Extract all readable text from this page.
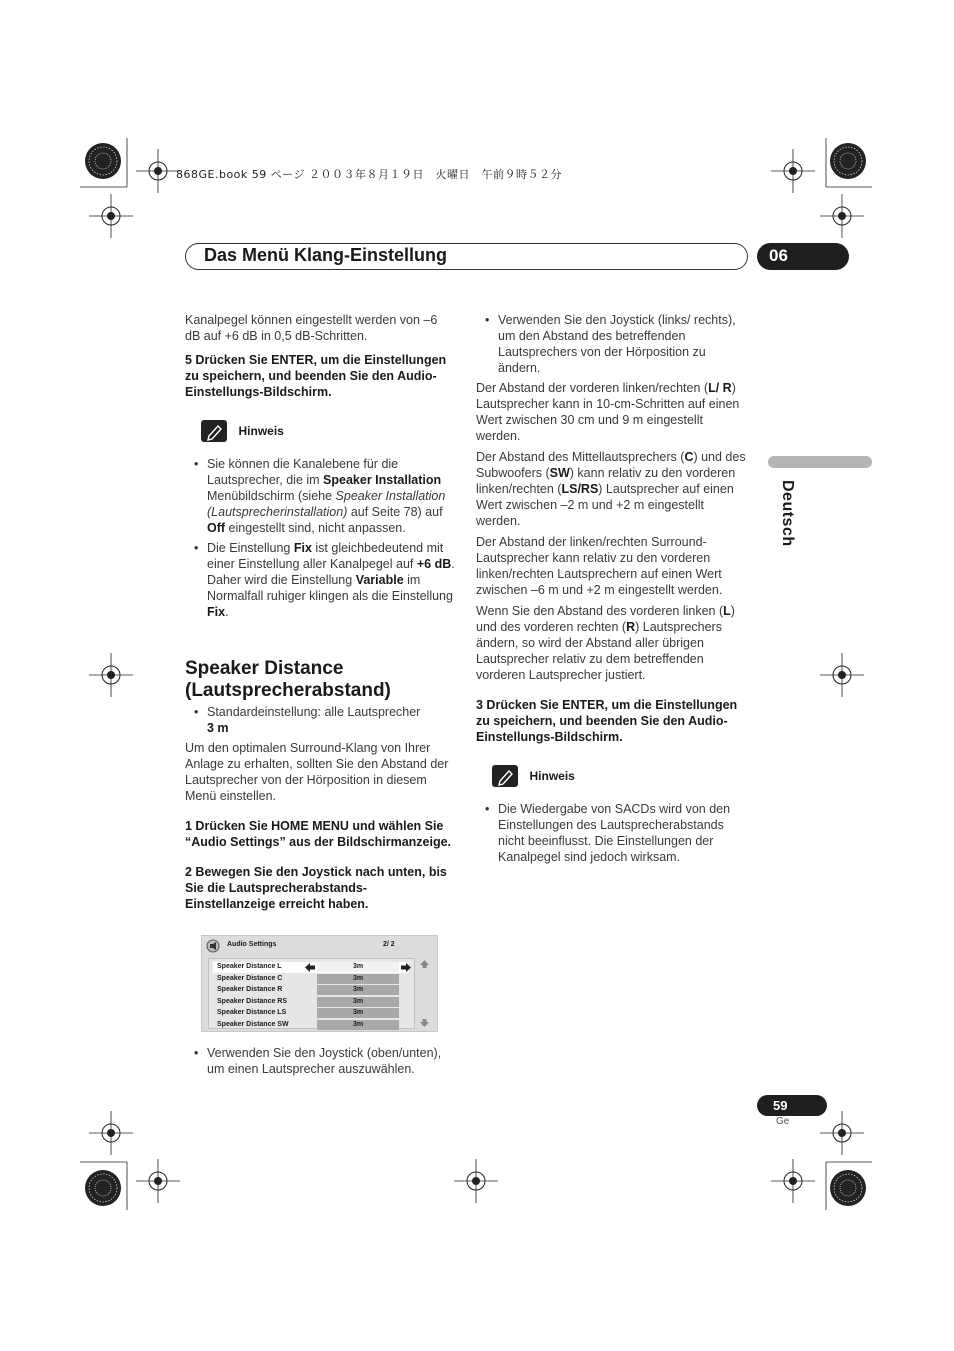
868GE.book 59 ページ ２００３年８月１９日　火曜日　午前９時５２分
Das Menü Klang-Einstellung	06
Deutsch

Kanalpegel können eingestellt werden von –6 dB auf +6 dB in 0,5 dB-Schritten.

5 Drücken Sie ENTER, um die Einstellungen zu speichern, und beenden Sie den Audio-Einstellungs-Bildschirm.

Hinweis
• Sie können die Kanalebene für die Lautsprecher, die im Speaker Installation Menübildschirm (siehe Speaker Installation (Lautsprecherinstallation) auf Seite 78) auf Off eingestellt sind, nicht anpassen.
• Die Einstellung Fix ist gleichbedeutend mit einer Einstellung aller Kanalpegel auf +6 dB. Daher wird die Einstellung Variable im Normalfall ruhiger klingen als die Einstellung Fix.
Speaker Distance
(Lautsprecherabstand)
• Standardeinstellung: alle Lautsprecher
3 m

Um den optimalen Surround-Klang von Ihrer Anlage zu erhalten, sollten Sie den Abstand der Lautsprecher von der Hörposition in diesem Menü einstellen.

1 Drücken Sie HOME MENU und wählen Sie “Audio Settings” aus der Bildschirmanzeige.

2 Bewegen Sie den Joystick nach unten, bis Sie die Lautsprecherabstands-Einstellanzeige erreicht haben.

Audio Settings	2/ 2
Speaker Distance L	3m
Speaker Distance C	3m
Speaker Distance R	3m
Speaker Distance RS	3m
Speaker Distance LS	3m
Speaker Distance SW	3m
• Verwenden Sie den Joystick (oben/unten), um einen Lautsprecher auszuwählen.
• Verwenden Sie den Joystick (links/ rechts), um den Abstand des betreffenden Lautsprechers von der Hörposition zu ändern.

Der Abstand der vorderen linken/rechten (L/ R) Lautsprecher kann in 10-cm-Schritten auf einen Wert zwischen 30 cm und 9 m eingestellt werden.

Der Abstand des Mittellautsprechers (C) und des Subwoofers (SW) kann relativ zu den vorderen linken/rechten (LS/RS) Lautsprecher auf einen Wert zwischen –2 m und +2 m eingestellt werden.

Der Abstand der linken/rechten Surround-Lautsprecher kann relativ zu den vorderen linken/rechten Lautsprechern auf einen Wert zwischen –6 m und +2 m eingestellt werden.

Wenn Sie den Abstand des vorderen linken (L) und des vorderen rechten (R) Lautsprechers ändern, so wird der Abstand aller übrigen Lautsprecher relativ zu dem betreffenden vorderen Lautsprecher justiert.

3 Drücken Sie ENTER, um die Einstellungen zu speichern, und beenden Sie den Audio-Einstellungs-Bildschirm.

Hinweis
• Die Wiedergabe von SACDs wird von den Einstellungen des Lautsprecherabstands nicht beeinflusst. Die Einstellungen der Kanalpegel sind jedoch wirksam.
59
Ge
